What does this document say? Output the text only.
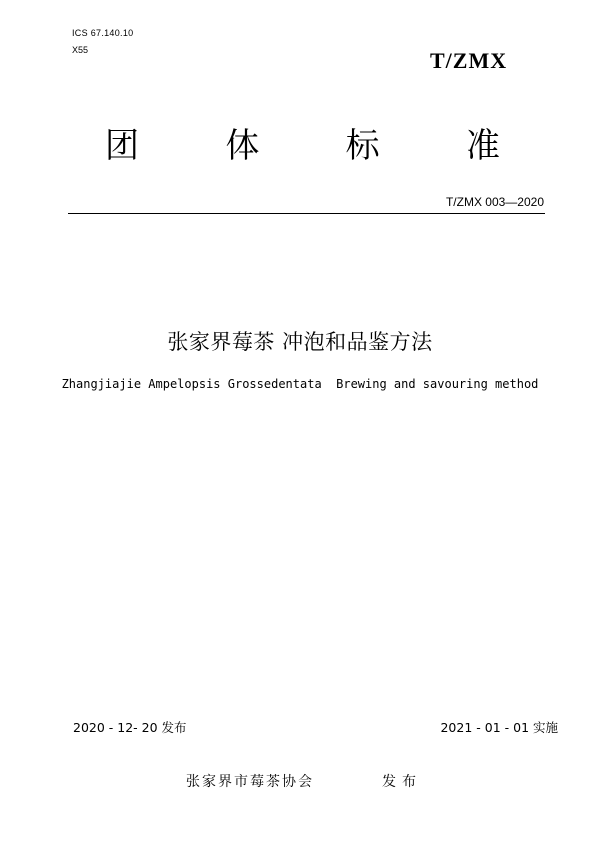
ICS 67.140.10
X55	T/ZMX
团	体	标	准
T/ZMX 003—2020
张家界莓茶 冲泡和品鉴方法
Zhangjiajie Ampelopsis Grossedentata  Brewing and savouring method
2020 - 12- 20 发布	2021 - 01 - 01 实施
张家界市莓茶协会	发布
